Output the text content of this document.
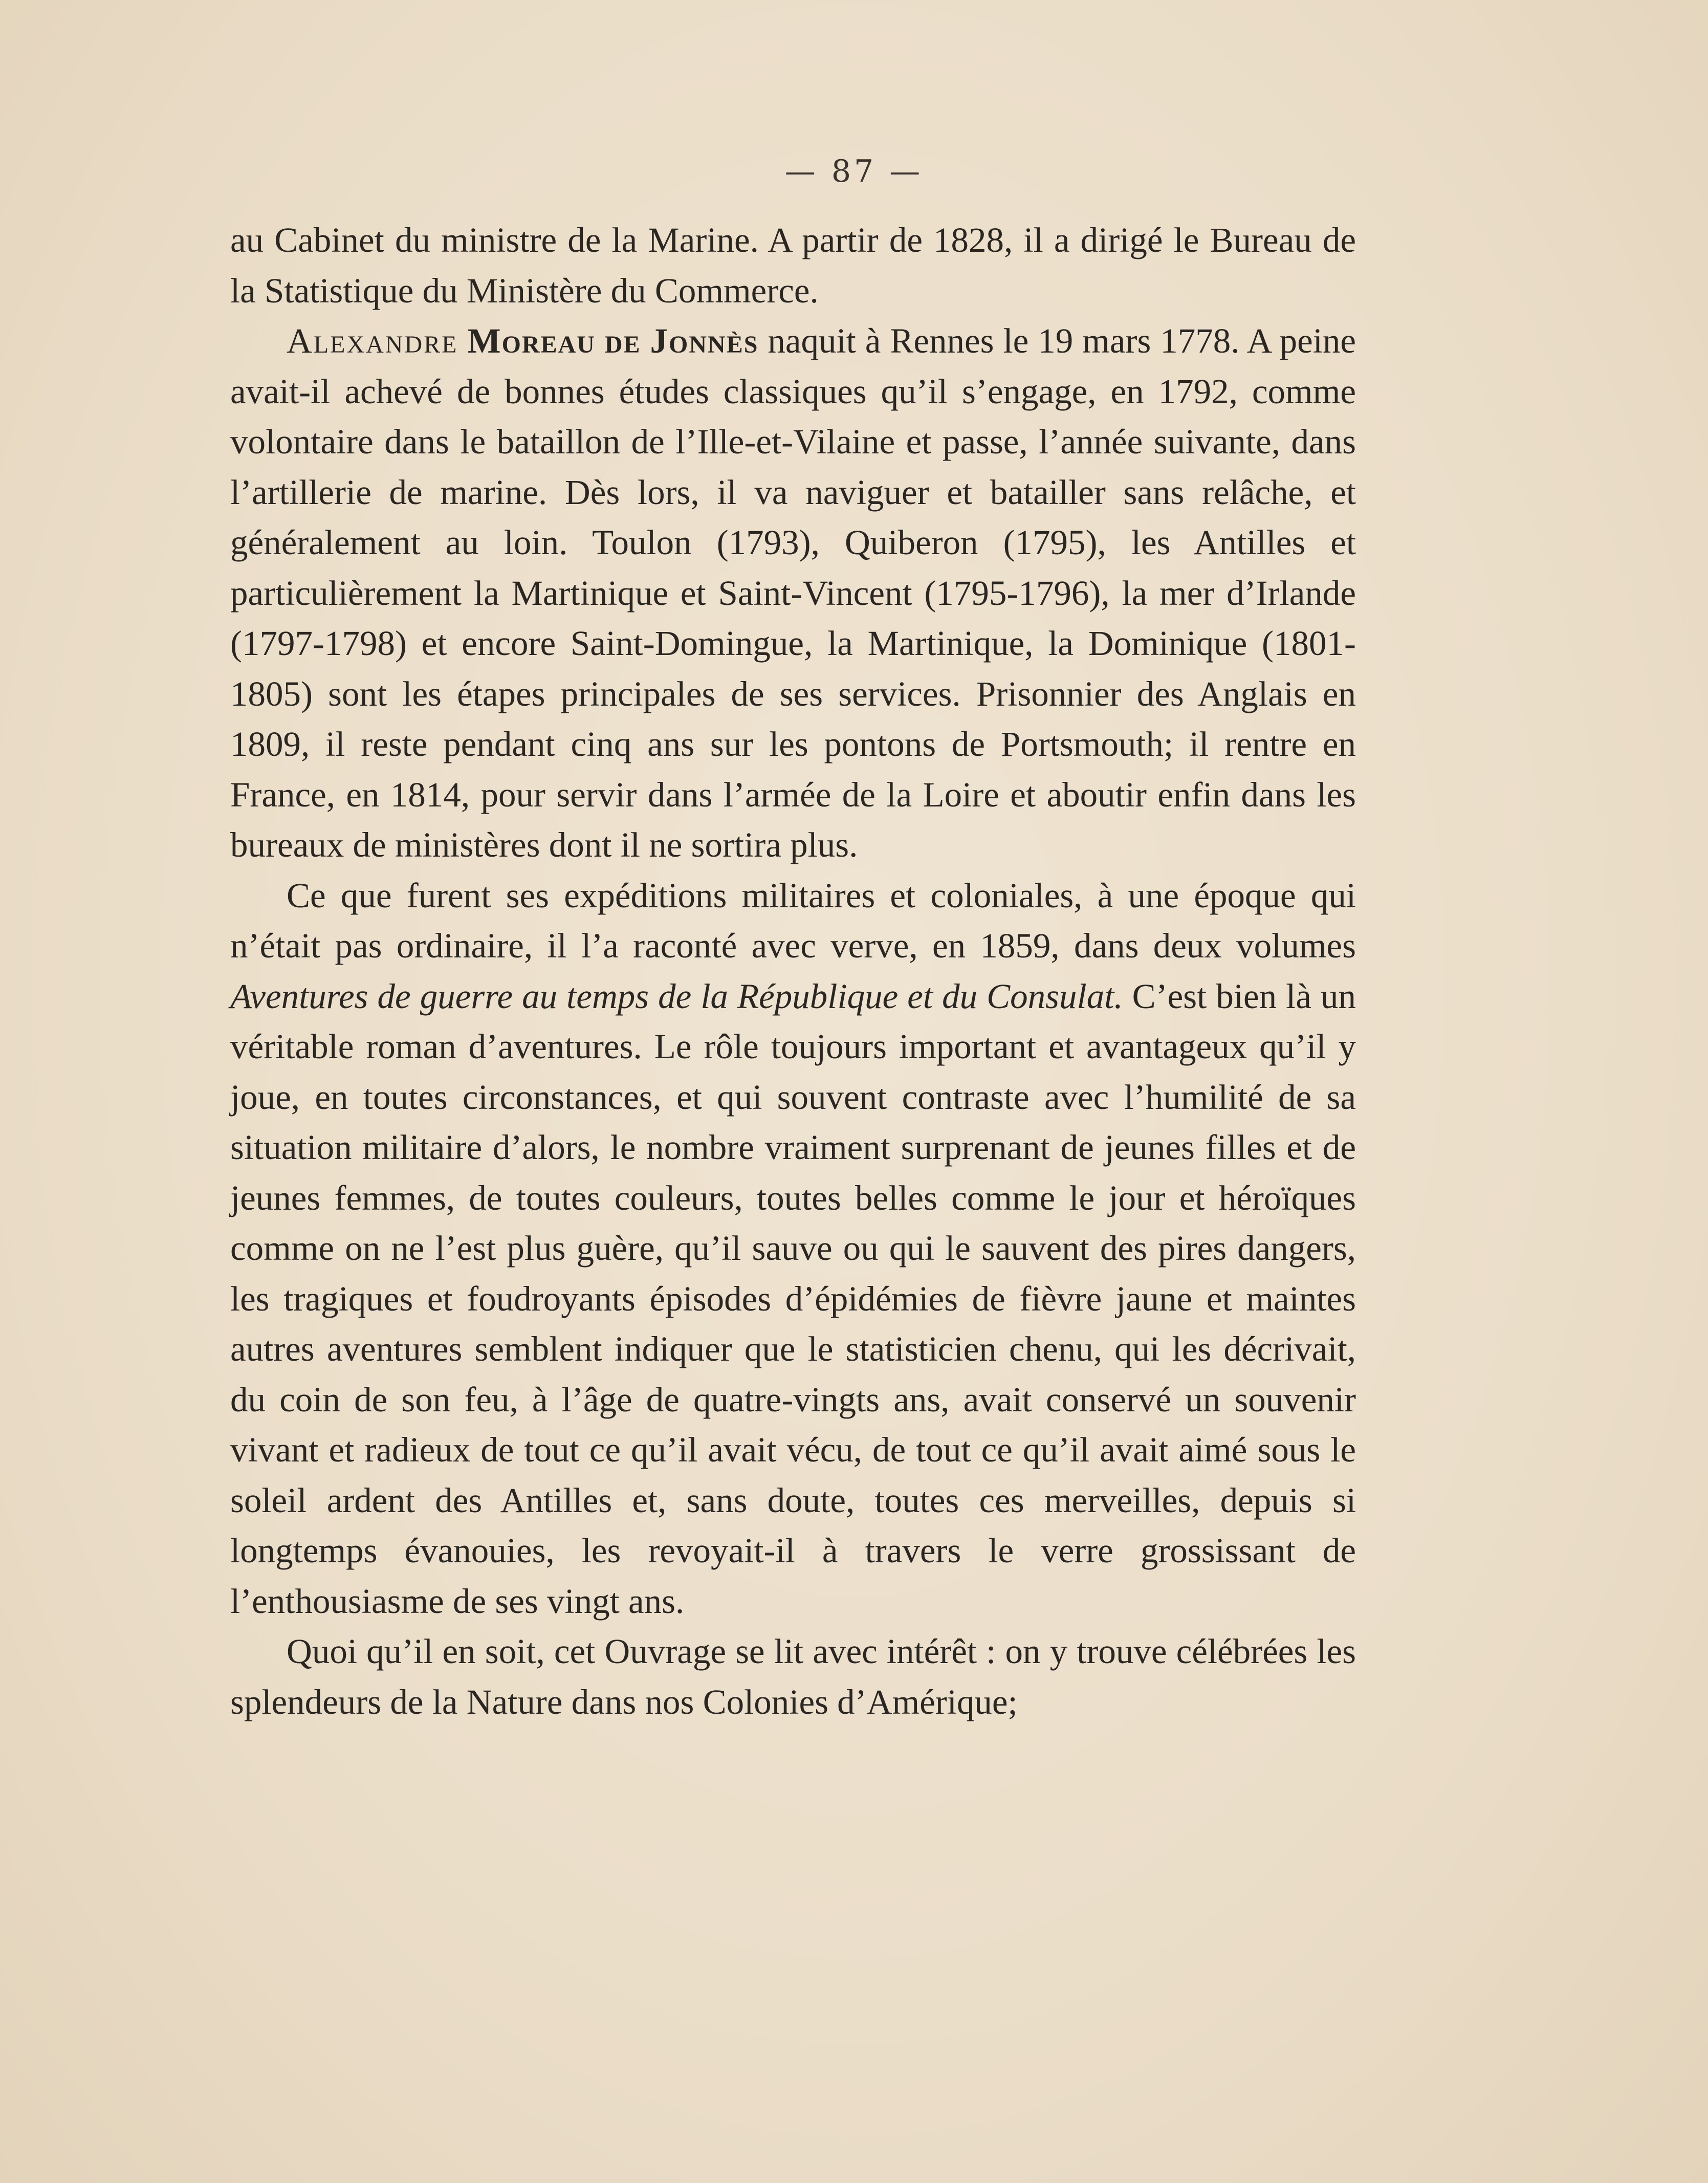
— 87 —

au Cabinet du ministre de la Marine. A partir de 1828, il a dirigé le Bureau de la Statistique du Ministère du Commerce.

Alexandre Moreau de Jonnès naquit à Rennes le 19 mars 1778. A peine avait-il achevé de bonnes études classiques qu’il s’engage, en 1792, comme volontaire dans le bataillon de l’Ille-et-Vilaine et passe, l’année suivante, dans l’artillerie de marine. Dès lors, il va naviguer et batailler sans relâche, et généralement au loin. Toulon (1793), Quiberon (1795), les Antilles et particulièrement la Martinique et Saint-Vincent (1795-1796), la mer d’Irlande (1797-1798) et encore Saint-Domingue, la Martinique, la Dominique (1801-1805) sont les étapes principales de ses services. Prisonnier des Anglais en 1809, il reste pendant cinq ans sur les pontons de Portsmouth; il rentre en France, en 1814, pour servir dans l’armée de la Loire et aboutir enfin dans les bureaux de ministères dont il ne sortira plus.

Ce que furent ses expéditions militaires et coloniales, à une époque qui n’était pas ordinaire, il l’a raconté avec verve, en 1859, dans deux volumes Aventures de guerre au temps de la République et du Consulat. C’est bien là un véritable roman d’aventures. Le rôle toujours important et avantageux qu’il y joue, en toutes circonstances, et qui souvent contraste avec l’humilité de sa situation militaire d’alors, le nombre vraiment surprenant de jeunes filles et de jeunes femmes, de toutes couleurs, toutes belles comme le jour et héroïques comme on ne l’est plus guère, qu’il sauve ou qui le sauvent des pires dangers, les tragiques et foudroyants épisodes d’épidémies de fièvre jaune et maintes autres aventures semblent indiquer que le statisticien chenu, qui les décrivait, du coin de son feu, à l’âge de quatre-vingts ans, avait conservé un souvenir vivant et radieux de tout ce qu’il avait vécu, de tout ce qu’il avait aimé sous le soleil ardent des Antilles et, sans doute, toutes ces merveilles, depuis si longtemps évanouies, les revoyait-il à travers le verre grossissant de l’enthousiasme de ses vingt ans.

Quoi qu’il en soit, cet Ouvrage se lit avec intérêt : on y trouve célébrées les splendeurs de la Nature dans nos Colonies d’Amérique;
